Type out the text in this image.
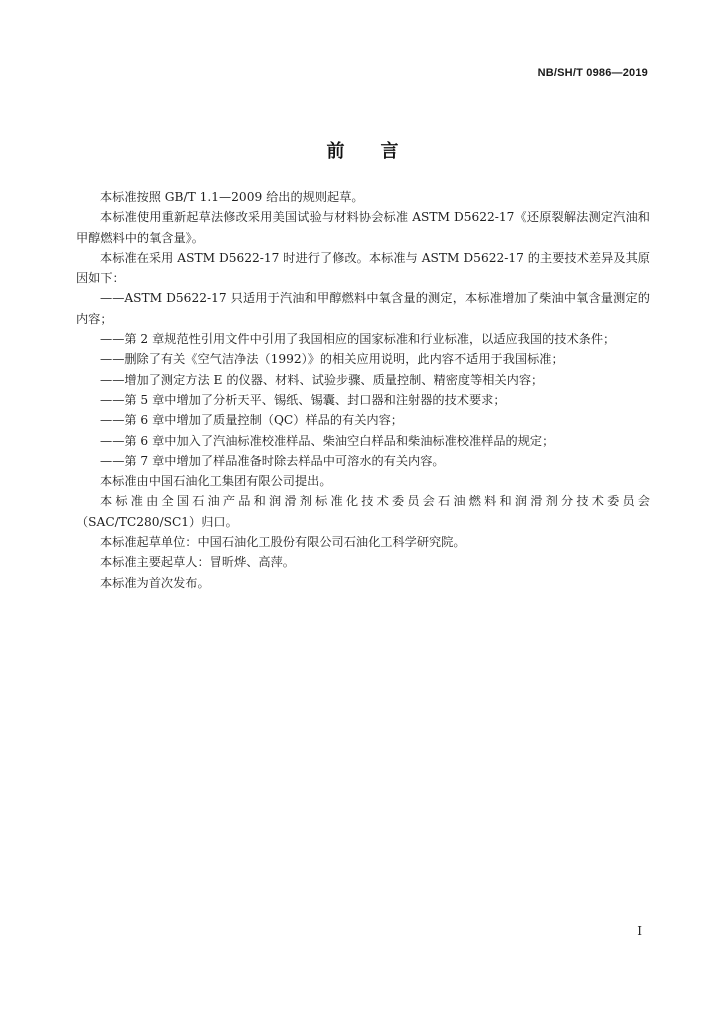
NB/SH/T 0986—2019
前言

本标准按照 GB/T 1.1—2009 给出的规则起草。

本标准使用重新起草法修改采用美国试验与材料协会标准 ASTM D5622-17《还原裂解法测定汽油和甲醇燃料中的氧含量》。

本标准在采用 ASTM D5622-17 时进行了修改。本标准与 ASTM D5622-17 的主要技术差异及其原因如下：

——ASTM D5622-17 只适用于汽油和甲醇燃料中氧含量的测定，本标准增加了柴油中氧含量测定的内容；

——第 2 章规范性引用文件中引用了我国相应的国家标准和行业标准，以适应我国的技术条件；

——删除了有关《空气洁净法（1992）》的相关应用说明，此内容不适用于我国标准；

——增加了测定方法 E 的仪器、材料、试验步骤、质量控制、精密度等相关内容；

——第 5 章中增加了分析天平、锡纸、锡囊、封口器和注射器的技术要求；

——第 6 章中增加了质量控制（QC）样品的有关内容；

——第 6 章中加入了汽油标准校准样品、柴油空白样品和柴油标准校准样品的规定；

——第 7 章中增加了样品准备时除去样品中可溶水的有关内容。

本标准由中国石油化工集团有限公司提出。

本标准由全国石油产品和润滑剂标准化技术委员会石油燃料和润滑剂分技术委员会（SAC/TC280/SC1）归口。

本标准起草单位：中国石油化工股份有限公司石油化工科学研究院。

本标准主要起草人：冒昕烨、高萍。

本标准为首次发布。

I
